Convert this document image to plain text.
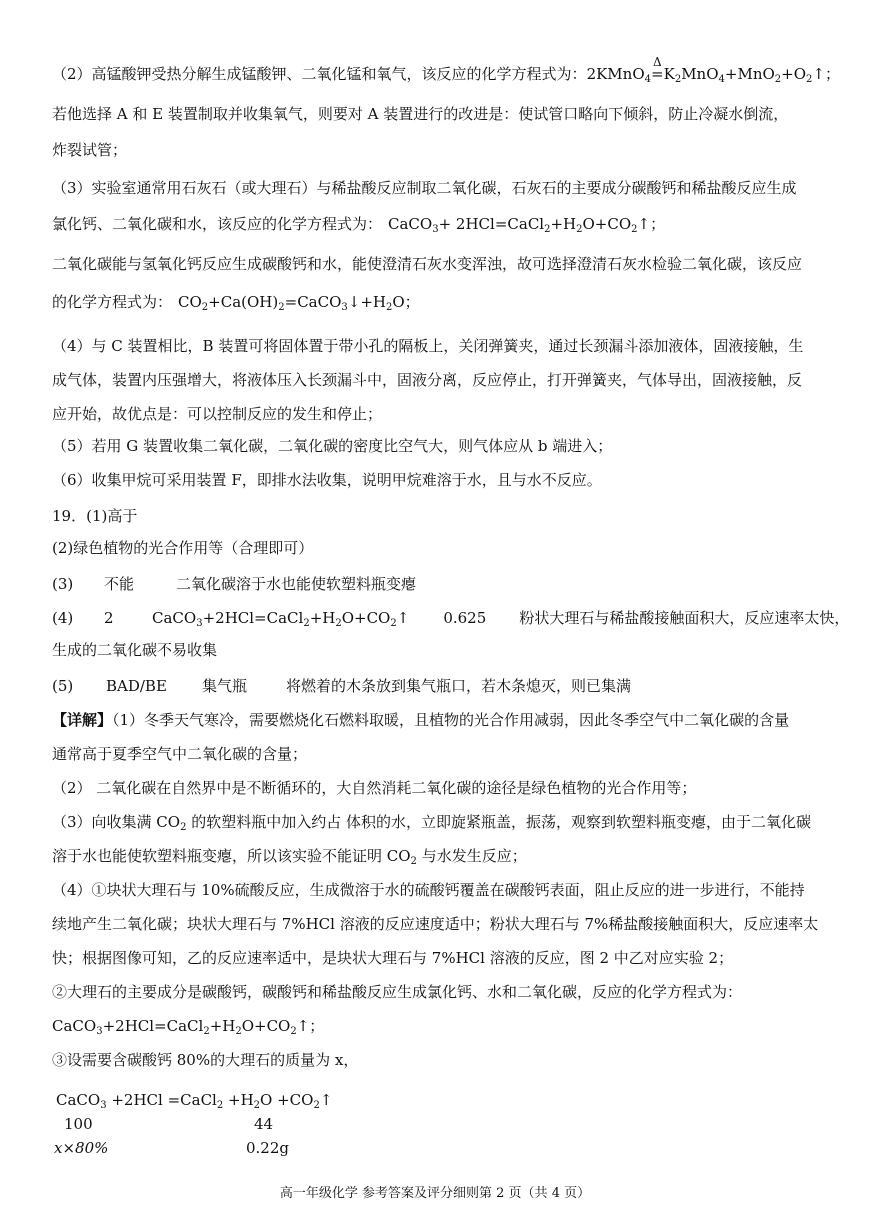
（2）高锰酸钾受热分解生成锰酸钾、二氧化锰和氧气，该反应的化学方程式为：2KMnO$_4$
Δ
$=K_2MnO_4+MnO_2+O_2↑$；
若他选择 A 和 E 装置制取并收集氧气，则要对 A 装置进行的改进是：使试管口略向下倾斜，防止冷凝水倒流，
炸裂试管；
（3）实验室通常用石灰石（或大理石）与稀盐酸反应制取二氧化碳，石灰石的主要成分碳酸钙和稀盐酸反应生成
氯化钙、二氧化碳和水，该反应的化学方程式为： CaCO$_3$+ $2HCl=CaCl_2+H_2O+CO_2↑$；
二氧化碳能与氢氧化钙反应生成碳酸钙和水，能使澄清石灰水变浑浊，故可选择澄清石灰水检验二氧化碳，该反应
的化学方程式为： $CO_2+Ca(OH)_2=CaCO_3↓+H_2O$；
（4）与 C 装置相比，B 装置可将固体置于带小孔的隔板上，关闭弹簧夹，通过长颈漏斗添加液体，固液接触，生
成气体，装置内压强增大，将液体压入长颈漏斗中，固液分离，反应停止，打开弹簧夹，气体导出，固液接触，反
应开始，故优点是：可以控制反应的发生和停止；
（5）若用 G 装置收集二氧化碳，二氧化碳的密度比空气大，则气体应从 b 端进入；
（6）收集甲烷可采用装置 F，即排水法收集，说明甲烷难溶于水，且与水不反应。
19．(1)高于
(2)绿色植物的光合作用等（合理即可）
(3) 不能	二氧化碳溶于水也能使软塑料瓶变瘪
(4) 2	$CaCO_3+2HCl=CaCl_2+H_2O+CO_2↑$ 0.625 粉状大理石与稀盐酸接触面积大，反应速率太快，
生成的二氧化碳不易收集
(5) BAD/BE 集气瓶	将燃着的木条放到集气瓶口，若木条熄灭，则已集满
【详解】（1）冬季天气寒冷，需要燃烧化石燃料取暖，且植物的光合作用减弱，因此冬季空气中二氧化碳的含量
通常高于夏季空气中二氧化碳的含量；
（2） 二氧化碳在自然界中是不断循环的，大自然消耗二氧化碳的途径是绿色植物的光合作用等；
（3）向收集满 $CO_2$ 的软塑料瓶中加入约占 体积的水，立即旋紧瓶盖，振荡，观察到软塑料瓶变瘪，由于二氧化碳
溶于水也能使软塑料瓶变瘪，所以该实验不能证明 $CO_2$ 与水发生反应；
（4）①块状大理石与 10%硫酸反应，生成微溶于水的硫酸钙覆盖在碳酸钙表面，阻止反应的进一步进行，不能持
续地产生二氧化碳；块状大理石与 7%HCl 溶液的反应速度适中；粉状大理石与 7%稀盐酸接触面积大，反应速率太
快；根据图像可知，乙的反应速率适中，是块状大理石与 7%HCl 溶液的反应，图 2 中乙对应实验 2；
②大理石的主要成分是碳酸钙，碳酸钙和稀盐酸反应生成氯化钙、水和二氧化碳，反应的化学方程式为：
$CaCO_3+2HCl=CaCl_2+H_2O+CO_2↑$；
③设需要含碳酸钙 80%的大理石的质量为 x，
CaCO$_3$ +2HCl =CaCl$_2$ $+H_2O$ $+CO_2↑$
100	44
x×80%	0.22g
高一年级化学 参考答案及评分细则第 2 页（共 4 页）
